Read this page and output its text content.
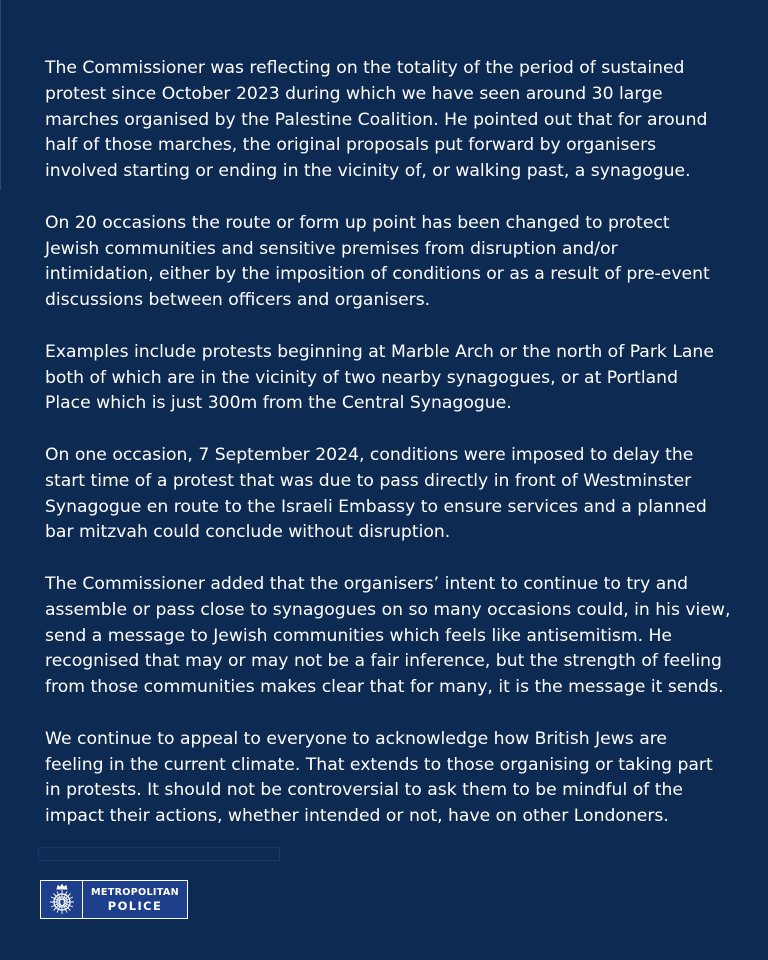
The Commissioner was reflecting on the totality of the period of sustained
protest since October 2023 during which we have seen around 30 large
marches organised by the Palestine Coalition. He pointed out that for around
half of those marches, the original proposals put forward by organisers
involved starting or ending in the vicinity of, or walking past, a synagogue.

On 20 occasions the route or form up point has been changed to protect
Jewish communities and sensitive premises from disruption and/or
intimidation, either by the imposition of conditions or as a result of pre-event
discussions between officers and organisers.

Examples include protests beginning at Marble Arch or the north of Park Lane
both of which are in the vicinity of two nearby synagogues, or at Portland
Place which is just 300m from the Central Synagogue.

On one occasion, 7 September 2024, conditions were imposed to delay the
start time of a protest that was due to pass directly in front of Westminster
Synagogue en route to the Israeli Embassy to ensure services and a planned
bar mitzvah could conclude without disruption.

The Commissioner added that the organisers’ intent to continue to try and
assemble or pass close to synagogues on so many occasions could, in his view,
send a message to Jewish communities which feels like antisemitism. He
recognised that may or may not be a fair inference, but the strength of feeling
from those communities makes clear that for many, it is the message it sends.

We continue to appeal to everyone to acknowledge how British Jews are
feeling in the current climate. That extends to those organising or taking part
in protests. It should not be controversial to ask them to be mindful of the
impact their actions, whether intended or not, have on other Londoners.

METROPOLITAN
POLICE
